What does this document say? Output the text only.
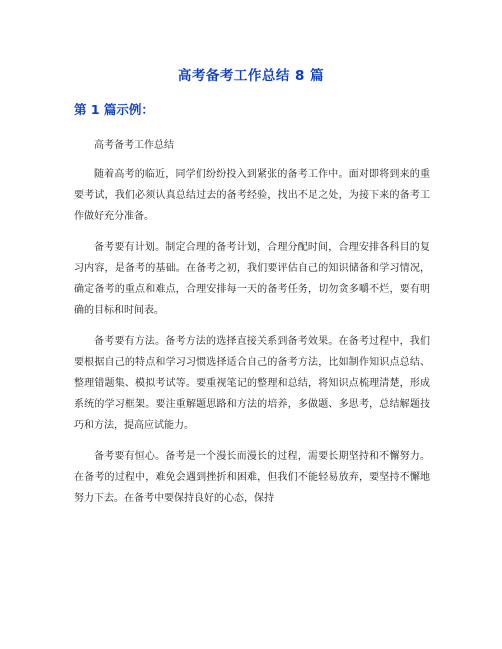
高考备考工作总结 8 篇
第 1 篇示例：

高考备考工作总结

随着高考的临近，同学们纷纷投入到紧张的备考工作中。面对即将到来的重要考试，我们必须认真总结过去的备考经验，找出不足之处，为接下来的备考工作做好充分准备。

备考要有计划。制定合理的备考计划，合理分配时间，合理安排各科目的复习内容，是备考的基础。在备考之初，我们要评估自己的知识储备和学习情况，确定备考的重点和难点，合理安排每一天的备考任务，切勿贪多嚼不烂，要有明确的目标和时间表。

备考要有方法。备考方法的选择直接关系到备考效果。在备考过程中，我们要根据自己的特点和学习习惯选择适合自己的备考方法，比如制作知识点总结、整理错题集、模拟考试等。要重视笔记的整理和总结，将知识点梳理清楚，形成系统的学习框架。要注重解题思路和方法的培养，多做题、多思考，总结解题技巧和方法，提高应试能力。

备考要有恒心。备考是一个漫长而漫长的过程，需要长期坚持和不懈努力。在备考的过程中，难免会遇到挫折和困难，但我们不能轻易放弃，要坚持不懈地努力下去。在备考中要保持良好的心态，保持
